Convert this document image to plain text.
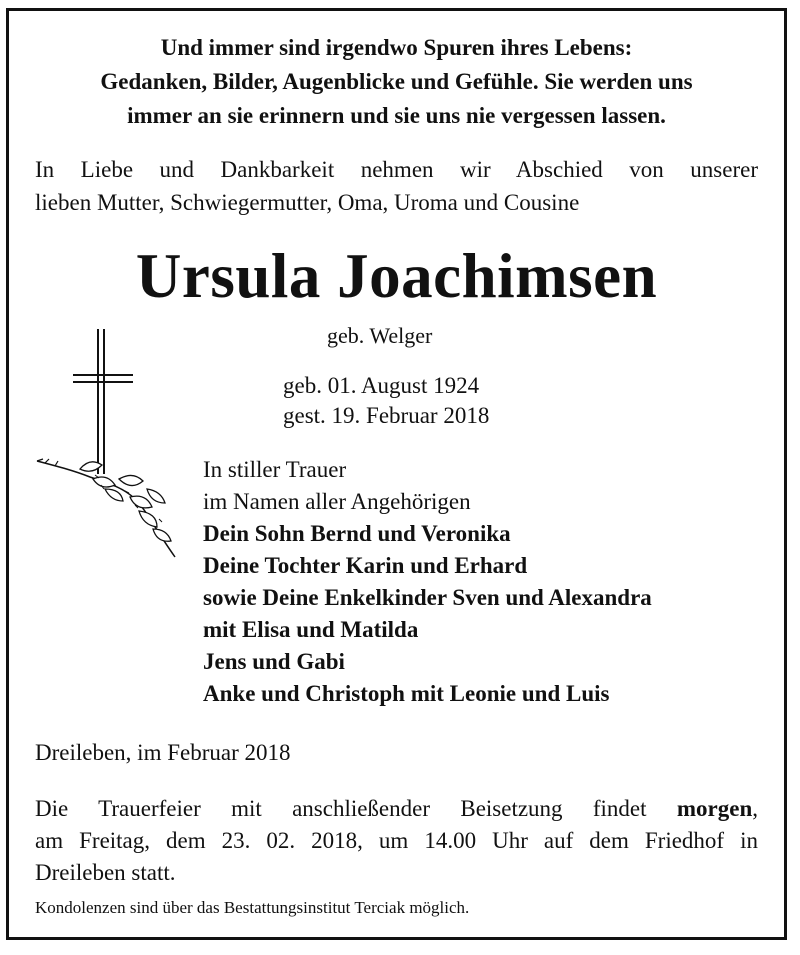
Und immer sind irgendwo Spuren ihres Lebens:
Gedanken, Bilder, Augenblicke und Gefühle. Sie werden uns
immer an sie erinnern und sie uns nie vergessen lassen.
In Liebe und Dankbarkeit nehmen wir Abschied von unserer
lieben Mutter, Schwiegermutter, Oma, Uroma und Cousine
Ursula Joachimsen
geb. Welger
geb. 01. August 1924
gest. 19. Februar 2018
In stiller Trauer
im Namen aller Angehörigen
Dein Sohn Bernd und Veronika
Deine Tochter Karin und Erhard
sowie Deine Enkelkinder Sven und Alexandra
mit Elisa und Matilda
Jens und Gabi
Anke und Christoph mit Leonie und Luis
Dreileben, im Februar 2018
Die Trauerfeier mit anschließender Beisetzung findet morgen,
am Freitag, dem 23. 02. 2018, um 14.00 Uhr auf dem Friedhof in
Dreileben statt.
Kondolenzen sind über das Bestattungsinstitut Terciak möglich.
